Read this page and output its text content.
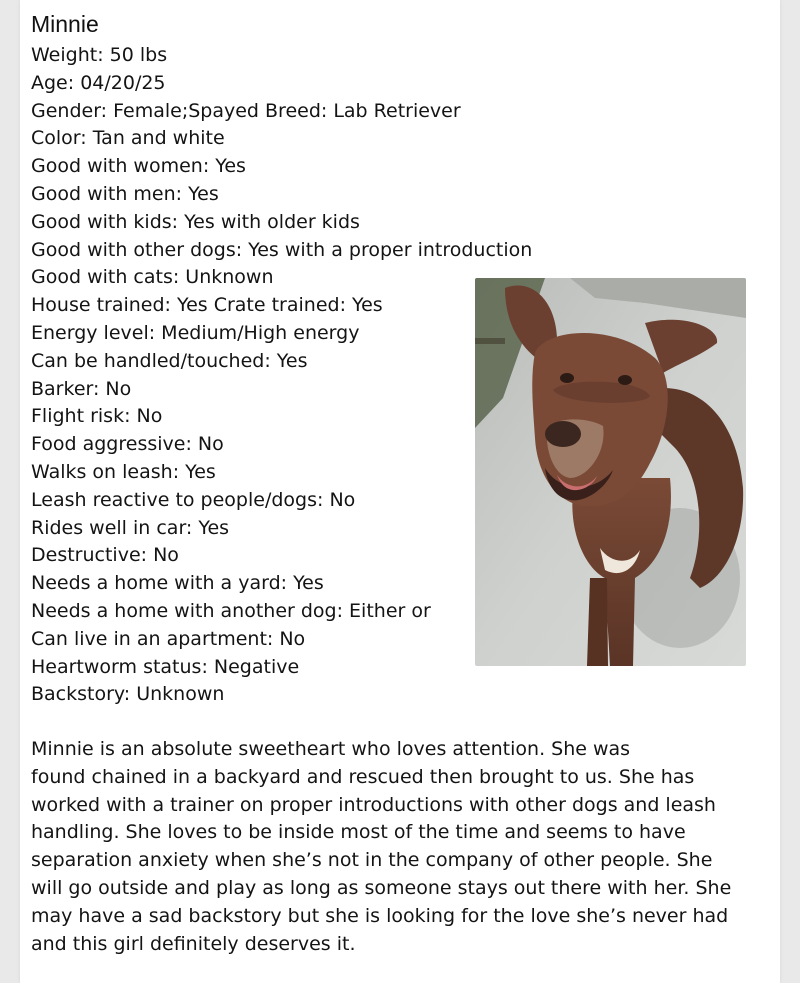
Minnie
Weight: 50 lbs
Age: 04/20/25
Gender: Female;Spayed Breed: Lab Retriever
Color: Tan and white
Good with women: Yes
Good with men: Yes
Good with kids: Yes with older kids
Good with other dogs: Yes with a proper introduction
Good with cats: Unknown
House trained: Yes Crate trained: Yes
Energy level: Medium/High energy
Can be handled/touched: Yes
Barker: No
Flight risk: No
Food aggressive: No
Walks on leash: Yes
Leash reactive to people/dogs: No
Rides well in car: Yes
Destructive: No
Needs a home with a yard: Yes
Needs a home with another dog: Either or
Can live in an apartment: No
Heartworm status: Negative
Backstory: Unknown
Minnie is an absolute sweetheart who loves attention. She was
found chained in a backyard and rescued then brought to us. She has
worked with a trainer on proper introductions with other dogs and leash
handling. She loves to be inside most of the time and seems to have
separation anxiety when she’s not in the company of other people. She
will go outside and play as long as someone stays out there with her. She
may have a sad backstory but she is looking for the love she’s never had
and this girl definitely deserves it.
